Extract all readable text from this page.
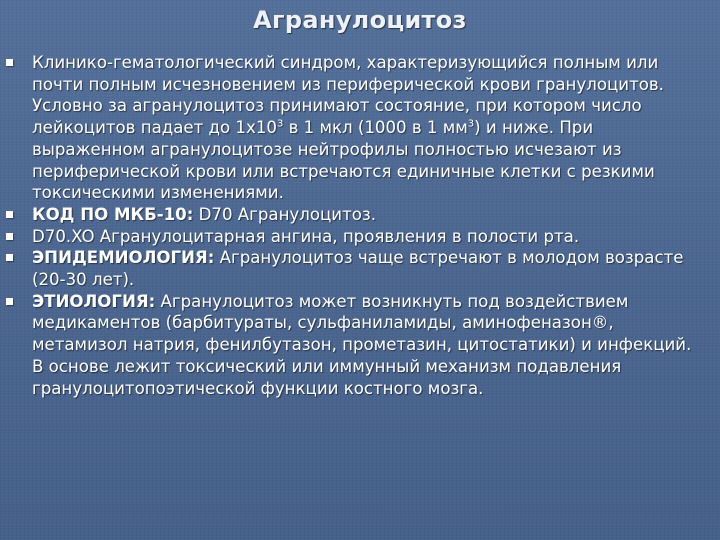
Агранулоцитоз
Клинико-гематологический синдром, характеризующийся полным или почти полным исчезновением из периферической крови гранулоцитов. Условно за агранулоцитоз принимают состояние, при котором число лейкоцитов падает до $1х10^3$ в 1 мкл (1000 в 1 $мм^3$) и ниже. При выраженном агранулоцитозе нейтрофилы полностью исчезают из периферической крови или встречаются единичные клетки с резкими токсическими изменениями.
КОД ПО МКБ-10: D70 Агранулоцитоз.
D70.XO Агранулоцитарная ангина, проявления в полости рта.
ЭПИДЕМИОЛОГИЯ: Агранулоцитоз чаще встречают в молодом возрасте (20-30 лет).
ЭТИОЛОГИЯ: Агранулоцитоз может возникнуть под воздействием медикаментов (барбитураты, сульфаниламиды, аминофеназон®, метамизол натрия, фенилбутазон, прометазин, цитостатики) и инфекций. В основе лежит токсический или иммунный механизм подавления гранулоцитопоэтической функции костного мозга.
